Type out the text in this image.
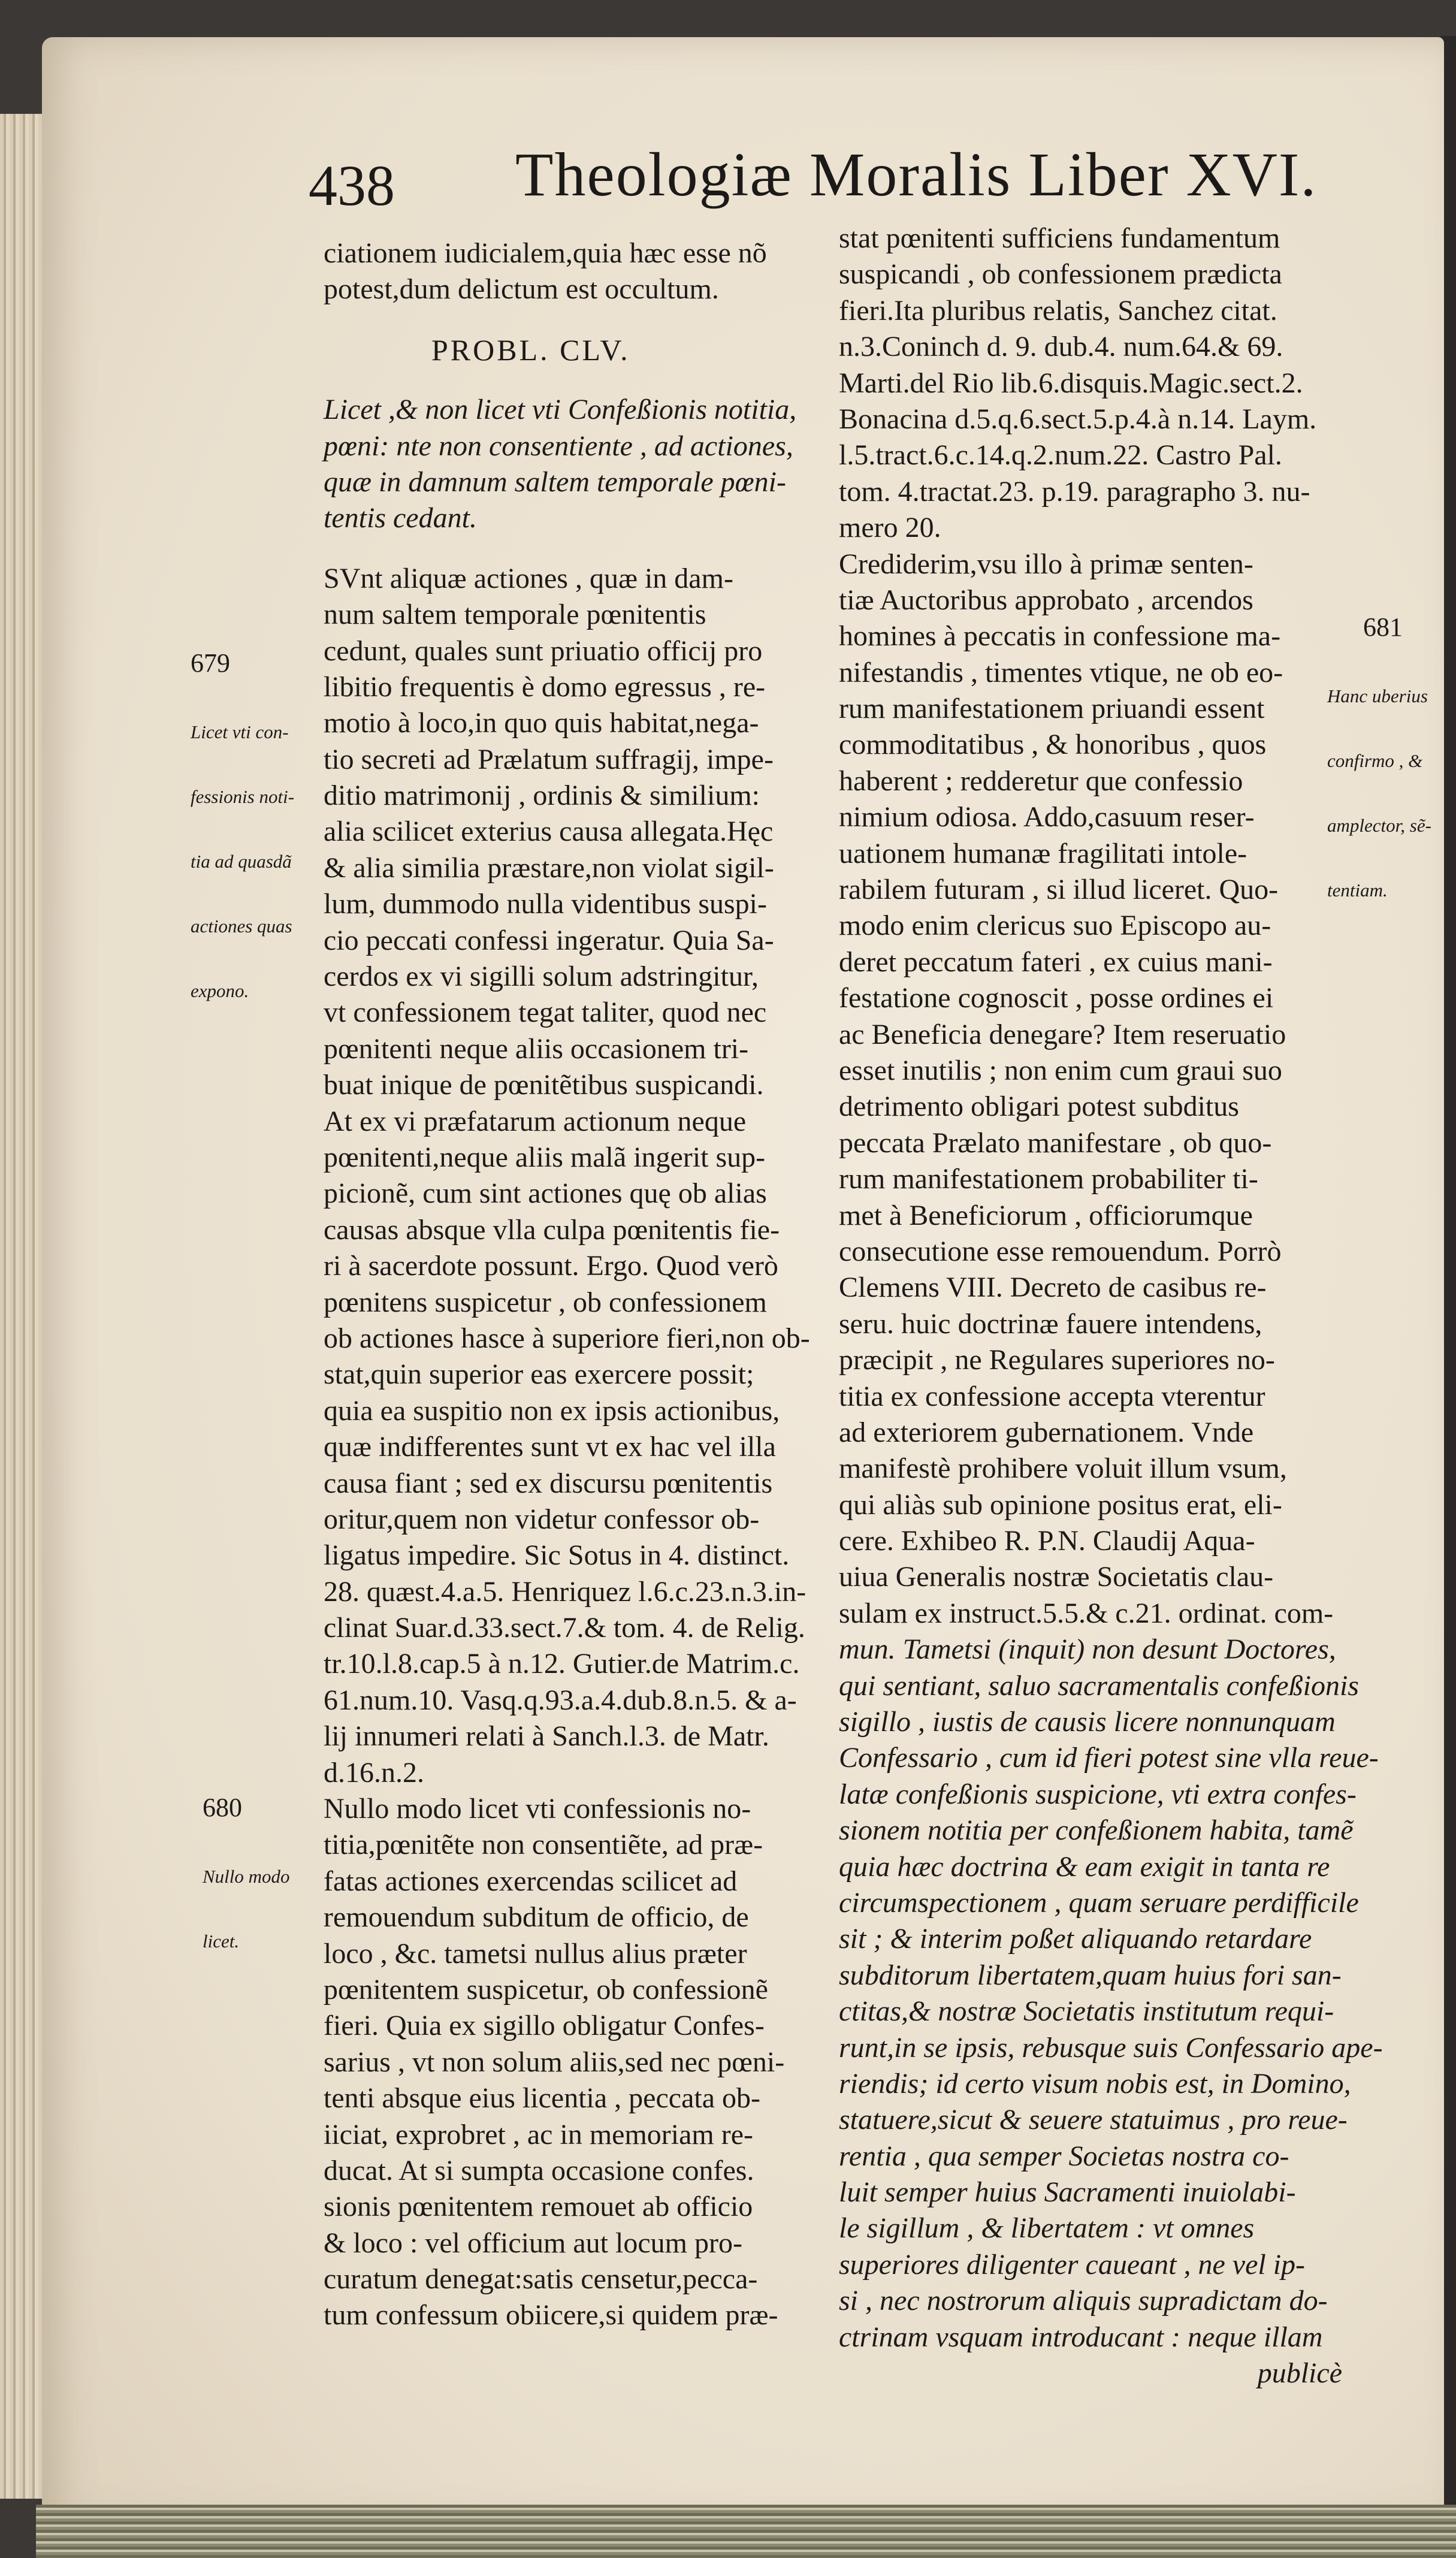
438 Theologiæ Moralis Liber XVI.
ciationem iudicialem,quia hæc esse nõ
potest,dum delictum est occultum.
PROBL. CLV.
Licet ,& non licet vti Confeßionis notitia,
pœni: nte non consentiente , ad actiones,
quæ in damnum saltem temporale pœni-
tentis cedant.
SVnt aliquæ actiones , quæ in dam-
num saltem temporale pœnitentis
cedunt, quales sunt priuatio officij pro
libitio frequentis è domo egressus , re-
motio à loco,in quo quis habitat,nega-
tio secreti ad Prælatum suffragij, impe-
ditio matrimonij , ordinis & similium:
alia scilicet exterius causa allegata.Hęc
& alia similia præstare,non violat sigil-
lum, dummodo nulla videntibus suspi-
cio peccati confessi ingeratur. Quia Sa-
cerdos ex vi sigilli solum adstringitur,
vt confessionem tegat taliter, quod nec
pœnitenti neque aliis occasionem tri-
buat inique de pœnitẽtibus suspicandi.
At ex vi præfatarum actionum neque
pœnitenti,neque aliis malã ingerit sup-
picionẽ, cum sint actiones quę ob alias
causas absque vlla culpa pœnitentis fie-
ri à sacerdote possunt. Ergo. Quod verò
pœnitens suspicetur , ob confessionem
ob actiones hasce à superiore fieri,non ob-
stat,quin superior eas exercere possit;
quia ea suspitio non ex ipsis actionibus,
quæ indifferentes sunt vt ex hac vel illa
causa fiant ; sed ex discursu pœnitentis
oritur,quem non videtur confessor ob-
ligatus impedire. Sic Sotus in 4. distinct.
28. quæst.4.a.5. Henriquez l.6.c.23.n.3.in-
clinat Suar.d.33.sect.7.& tom. 4. de Relig.
tr.10.l.8.cap.5 à n.12. Gutier.de Matrim.c.
61.num.10. Vasq.q.93.a.4.dub.8.n.5. & a-
lij innumeri relati à Sanch.l.3. de Matr.
d.16.n.2.
Nullo modo licet vti confessionis no-
titia,pœnitẽte non consentiẽte, ad præ-
fatas actiones exercendas scilicet ad
remouendum subditum de officio, de
loco , &c. tametsi nullus alius præter
pœnitentem suspicetur, ob confessionẽ
fieri. Quia ex sigillo obligatur Confes-
sarius , vt non solum aliis,sed nec pœni-
tenti absque eius licentia , peccata ob-
iiciat, exprobret , ac in memoriam re-
ducat. At si sumpta occasione confes.
sionis pœnitentem remouet ab officio
& loco : vel officium aut locum pro-
curatum denegat:satis censetur,pecca-
tum confessum obiicere,si quidem præ-
stat pœnitenti sufficiens fundamentum
suspicandi , ob confessionem prædicta
fieri.Ita pluribus relatis, Sanchez citat.
n.3.Coninch d. 9. dub.4. num.64.& 69.
Marti.del Rio lib.6.disquis.Magic.sect.2.
Bonacina d.5.q.6.sect.5.p.4.à n.14. Laym.
l.5.tract.6.c.14.q.2.num.22. Castro Pal.
tom. 4.tractat.23. p.19. paragrapho 3. nu-
mero 20.
Crediderim,vsu illo à primæ senten-
tiæ Auctoribus approbato , arcendos
homines à peccatis in confessione ma-
nifestandis , timentes vtique, ne ob eo-
rum manifestationem priuandi essent
commoditatibus , & honoribus , quos
haberent ; redderetur que confessio
nimium odiosa. Addo,casuum reser-
uationem humanæ fragilitati intole-
rabilem futuram , si illud liceret. Quo-
modo enim clericus suo Episcopo au-
deret peccatum fateri , ex cuius mani-
festatione cognoscit , posse ordines ei
ac Beneficia denegare? Item reseruatio
esset inutilis ; non enim cum graui suo
detrimento obligari potest subditus
peccata Prælato manifestare , ob quo-
rum manifestationem probabiliter ti-
met à Beneficiorum , officiorumque
consecutione esse remouendum. Porrò
Clemens VIII. Decreto de casibus re-
seru. huic doctrinæ fauere intendens,
præcipit , ne Regulares superiores no-
titia ex confessione accepta vterentur
ad exteriorem gubernationem. Vnde
manifestè prohibere voluit illum vsum,
qui aliàs sub opinione positus erat, eli-
cere. Exhibeo R. P.N. Claudij Aqua-
uiua Generalis nostræ Societatis clau-
sulam ex instruct.5.5.& c.21. ordinat. com-
mun. Tametsi (inquit) non desunt Doctores,
qui sentiant, saluo sacramentalis confeßionis
sigillo , iustis de causis licere nonnunquam
Confessario , cum id fieri potest sine vlla reue-
latæ confeßionis suspicione, vti extra confes-
sionem notitia per confeßionem habita, tamẽ
quia hæc doctrina & eam exigit in tanta re
circumspectionem , quam seruare perdifficile
sit ; & interim poßet aliquando retardare
subditorum libertatem,quam huius fori san-
ctitas,& nostræ Societatis institutum requi-
runt,in se ipsis, rebusque suis Confessario ape-
riendis; id certo visum nobis est, in Domino,
statuere,sicut & seuere statuimus , pro reue-
rentia , qua semper Societas nostra co-
luit semper huius Sacramenti inuiolabi-
le sigillum , & libertatem : vt omnes
superiores diligenter caueant , ne vel ip-
si , nec nostrorum aliquis supradictam do-
ctrinam vsquam introducant : neque illam
publicè

679

Licet vti con-

fessionis noti-

tia ad quasdã

actiones quas

expono.

680

Nullo modo

licet.

681

Hanc uberius

confirmo , &

amplector, sẽ-

tentiam.
